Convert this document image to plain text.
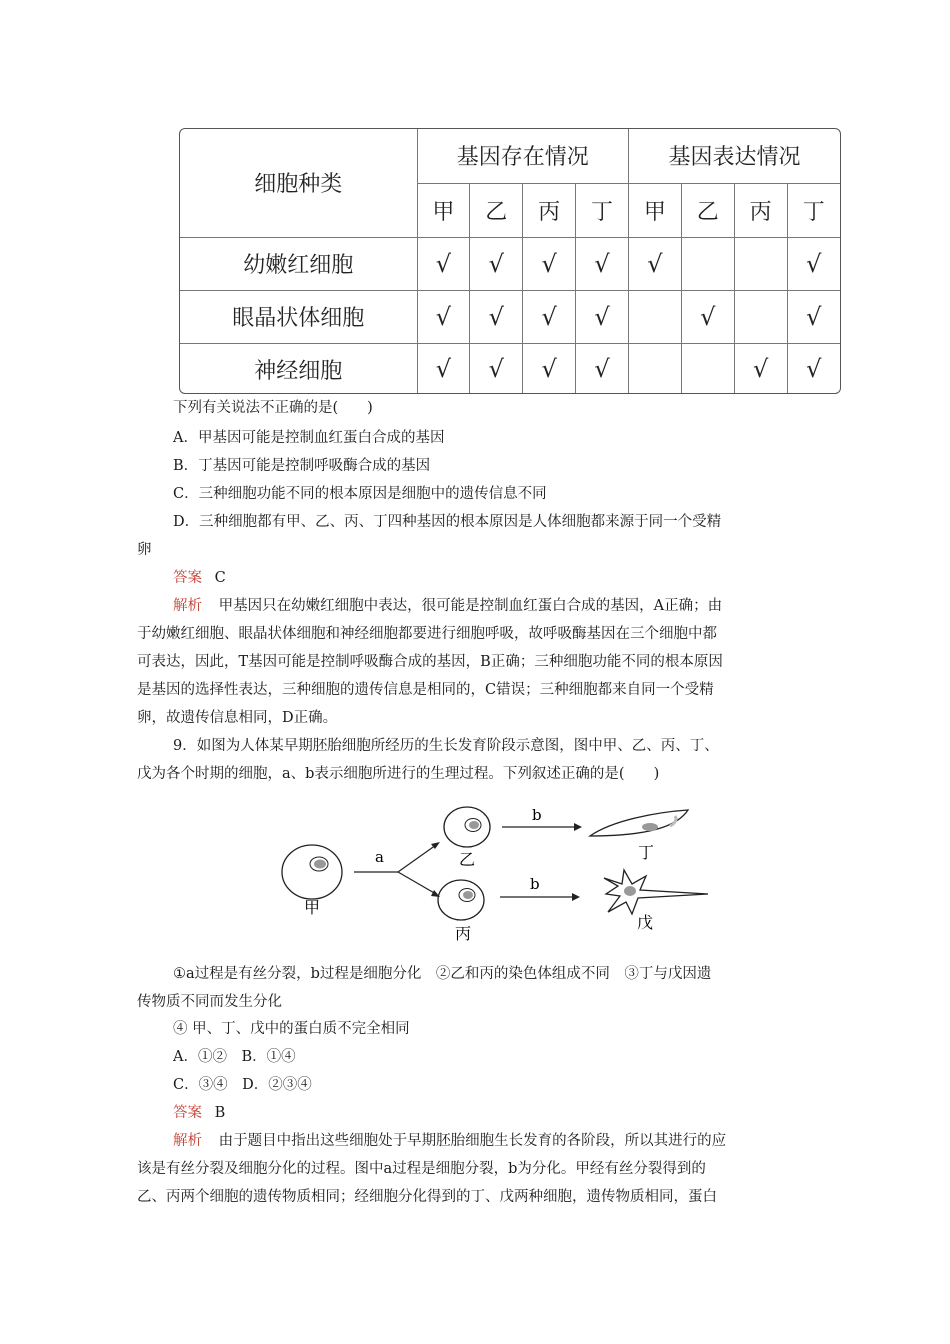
细胞种类	基因存在情况				基因表达情况			
	甲	乙	丙	丁	甲	乙	丙	丁
幼嫩红细胞	√	√	√	√	√			√
眼晶状体细胞	√	√	√	√		√		√
神经细胞	√	√	√	√			√	√
下列有关说法不正确的是(　　)
A．甲基因可能是控制血红蛋白合成的基因
B．丁基因可能是控制呼吸酶合成的基因
C．三种细胞功能不同的根本原因是细胞中的遗传信息不同
D．三种细胞都有甲、乙、丙、丁四种基因的根本原因是人体细胞都来源于同一个受精
卵
答案 C
解析 甲基因只在幼嫩红细胞中表达，很可能是控制血红蛋白合成的基因，A正确；由
于幼嫩红细胞、眼晶状体细胞和神经细胞都要进行细胞呼吸，故呼吸酶基因在三个细胞中都
可表达，因此，T基因可能是控制呼吸酶合成的基因，B正确；三种细胞功能不同的根本原因
是基因的选择性表达，三种细胞的遗传信息是相同的，C错误；三种细胞都来自同一个受精
卵，故遗传信息相同，D正确。
9．如图为人体某早期胚胎细胞所经历的生长发育阶段示意图，图中甲、乙、丙、丁、
戊为各个时期的细胞，a、b表示细胞所进行的生理过程。下列叙述正确的是(　　)
甲
a	乙
丙
b
b
丁
戊
①a过程是有丝分裂，b过程是细胞分化　②乙和丙的染色体组成不同　③丁与戊因遗
传物质不同而发生分化
④ 甲、丁、戊中的蛋白质不完全相同
A．①②　B．①④
C．③④　D．②③④
答案 B
解析 由于题目中指出这些细胞处于早期胚胎细胞生长发育的各阶段，所以其进行的应
该是有丝分裂及细胞分化的过程。图中a过程是细胞分裂，b为分化。甲经有丝分裂得到的
乙、丙两个细胞的遗传物质相同；经细胞分化得到的丁、戊两种细胞，遗传物质相同，蛋白
